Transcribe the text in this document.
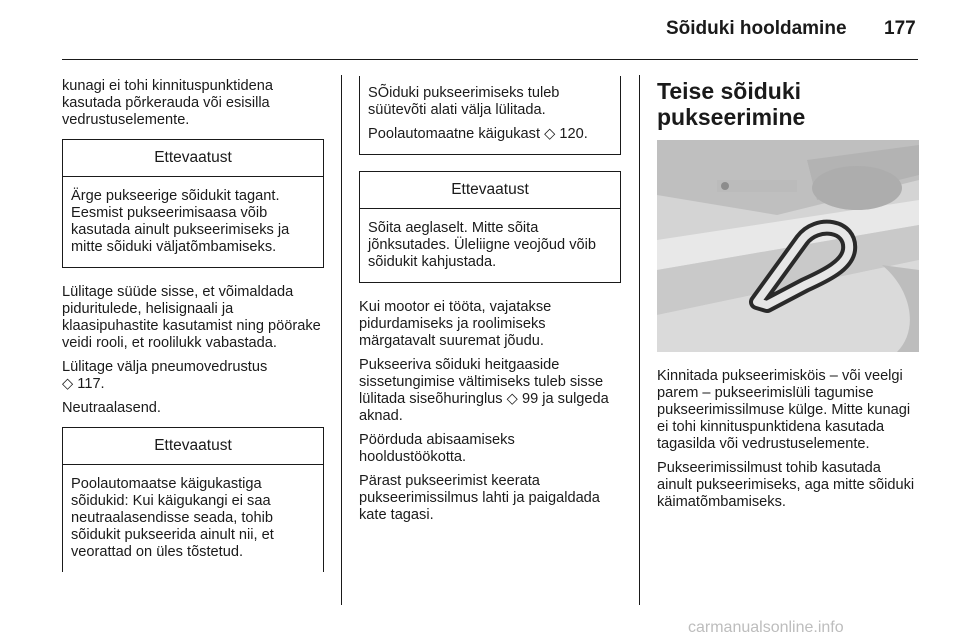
Sõiduki hooldamine 177

kunagi ei tohi kinnituspunktidena kasutada põrkerauda või esisilla vedrustuselemente.

Ettevaatust
Ärge pukseerige sõidukit tagant. Eesmist pukseerimisaasa võib kasutada ainult pukseerimiseks ja mitte sõiduki väljatõmbamiseks.

Lülitage süüde sisse, et võimaldada piduritulede, helisignaali ja klaasipuhastite kasutamist ning pöörake veidi rooli, et roolilukk vabastada.

Lülitage välja pneumovedrustus
◇ 117.

Neutraalasend.

Ettevaatust
Poolautomaatse käigukastiga sõidukid: Kui käigukangi ei saa neutraalasendisse seada, tohib sõidukit pukseerida ainult nii, et veorattad on üles tõstetud.

SÕiduki pukseerimiseks tuleb süütevõti alati välja lülitada.

Poolautomaatne käigukast ◇ 120.

Ettevaatust
Sõita aeglaselt. Mitte sõita jõnksutades. Üleliigne veojõud võib sõidukit kahjustada.

Kui mootor ei tööta, vajatakse pidurdamiseks ja roolimiseks märgatavalt suuremat jõudu.

Pukseeriva sõiduki heitgaaside sissetungimise vältimiseks tuleb sisse lülitada siseõhuringlus ◇ 99 ja sulgeda aknad.

Pöörduda abisaamiseks hooldustöökotta.

Pärast pukseerimist keerata pukseerimissilmus lahti ja paigaldada kate tagasi.

Teise sõiduki pukseerimine

Kinnitada pukseerimisköis – või veelgi parem – pukseerimislüli tagumise pukseerimissilmuse külge. Mitte kunagi ei tohi kinnituspunktidena kasutada tagasilda või vedrustuselemente.

Pukseerimissilmust tohib kasutada ainult pukseerimiseks, aga mitte sõiduki käimatõmbamiseks.

carmanualsonline.info
